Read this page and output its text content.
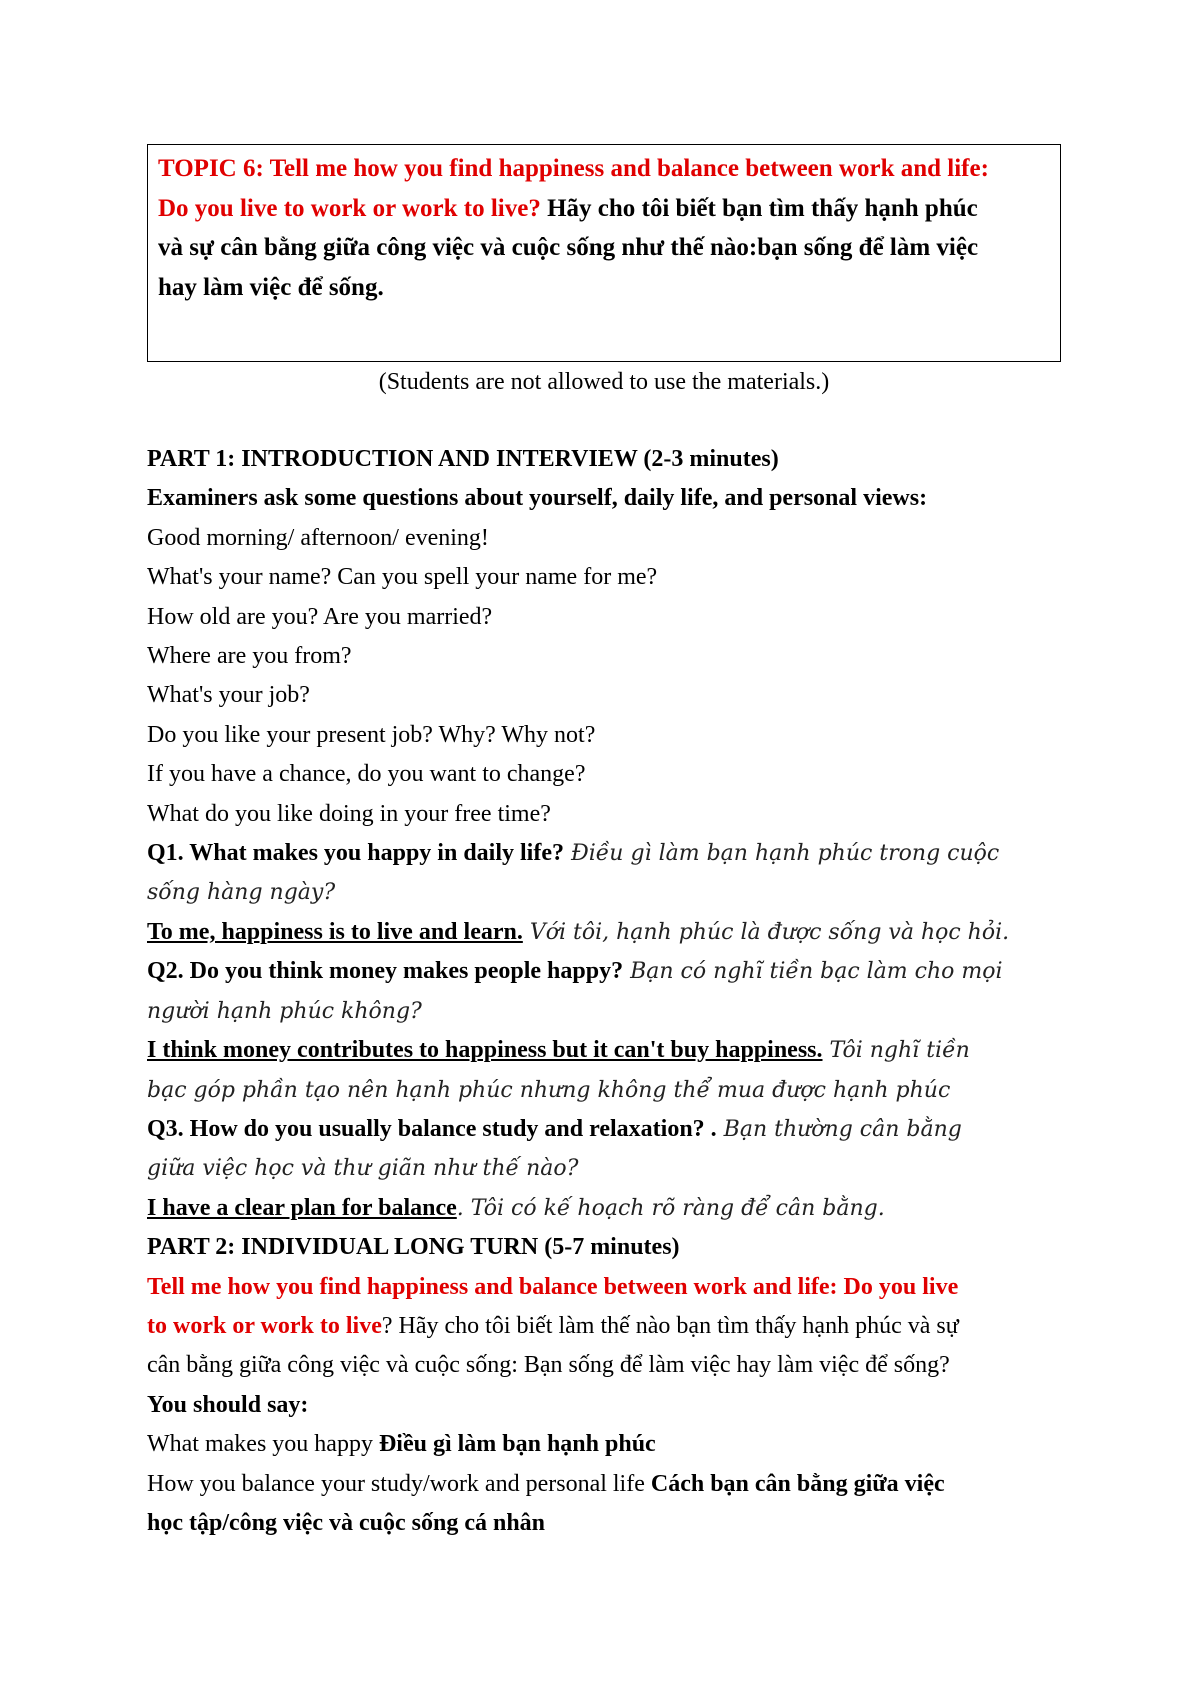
TOPIC 6: Tell me how you find happiness and balance between work and life:

Do you live to work or work to live? Hãy cho tôi biết bạn tìm thấy hạnh phúc

và sự cân bằng giữa công việc và cuộc sống như thế nào:bạn sống để làm việc

hay làm việc để sống.

(Students are not allowed to use the materials.)

PART 1: INTRODUCTION AND INTERVIEW (2-3 minutes)

Examiners ask some questions about yourself, daily life, and personal views:

Good morning/ afternoon/ evening!

What's your name? Can you spell your name for me?

How old are you? Are you married?

Where are you from?

What's your job?

Do you like your present job? Why? Why not?

If you have a chance, do you want to change?

What do you like doing in your free time?

Q1. What makes you happy in daily life? Điều gì làm bạn hạnh phúc trong cuộc

sống hàng ngày?

To me, happiness is to live and learn. Với tôi, hạnh phúc là được sống và học hỏi.

Q2. Do you think money makes people happy? Bạn có nghĩ tiền bạc làm cho mọi

người hạnh phúc không?

I think money contributes to happiness but it can't buy happiness. Tôi nghĩ tiền

bạc góp phần tạo nên hạnh phúc nhưng không thể mua được hạnh phúc

Q3. How do you usually balance study and relaxation? . Bạn thường cân bằng

giữa việc học và thư giãn như thế nào?

I have a clear plan for balance. Tôi có kế hoạch rõ ràng để cân bằng.

PART 2: INDIVIDUAL LONG TURN (5-7 minutes)

Tell me how you find happiness and balance between work and life: Do you live

to work or work to live? Hãy cho tôi biết làm thế nào bạn tìm thấy hạnh phúc và sự

cân bằng giữa công việc và cuộc sống: Bạn sống để làm việc hay làm việc để sống?

You should say:

What makes you happy Điều gì làm bạn hạnh phúc

How you balance your study/work and personal life Cách bạn cân bằng giữa việc

học tập/công việc và cuộc sống cá nhân
